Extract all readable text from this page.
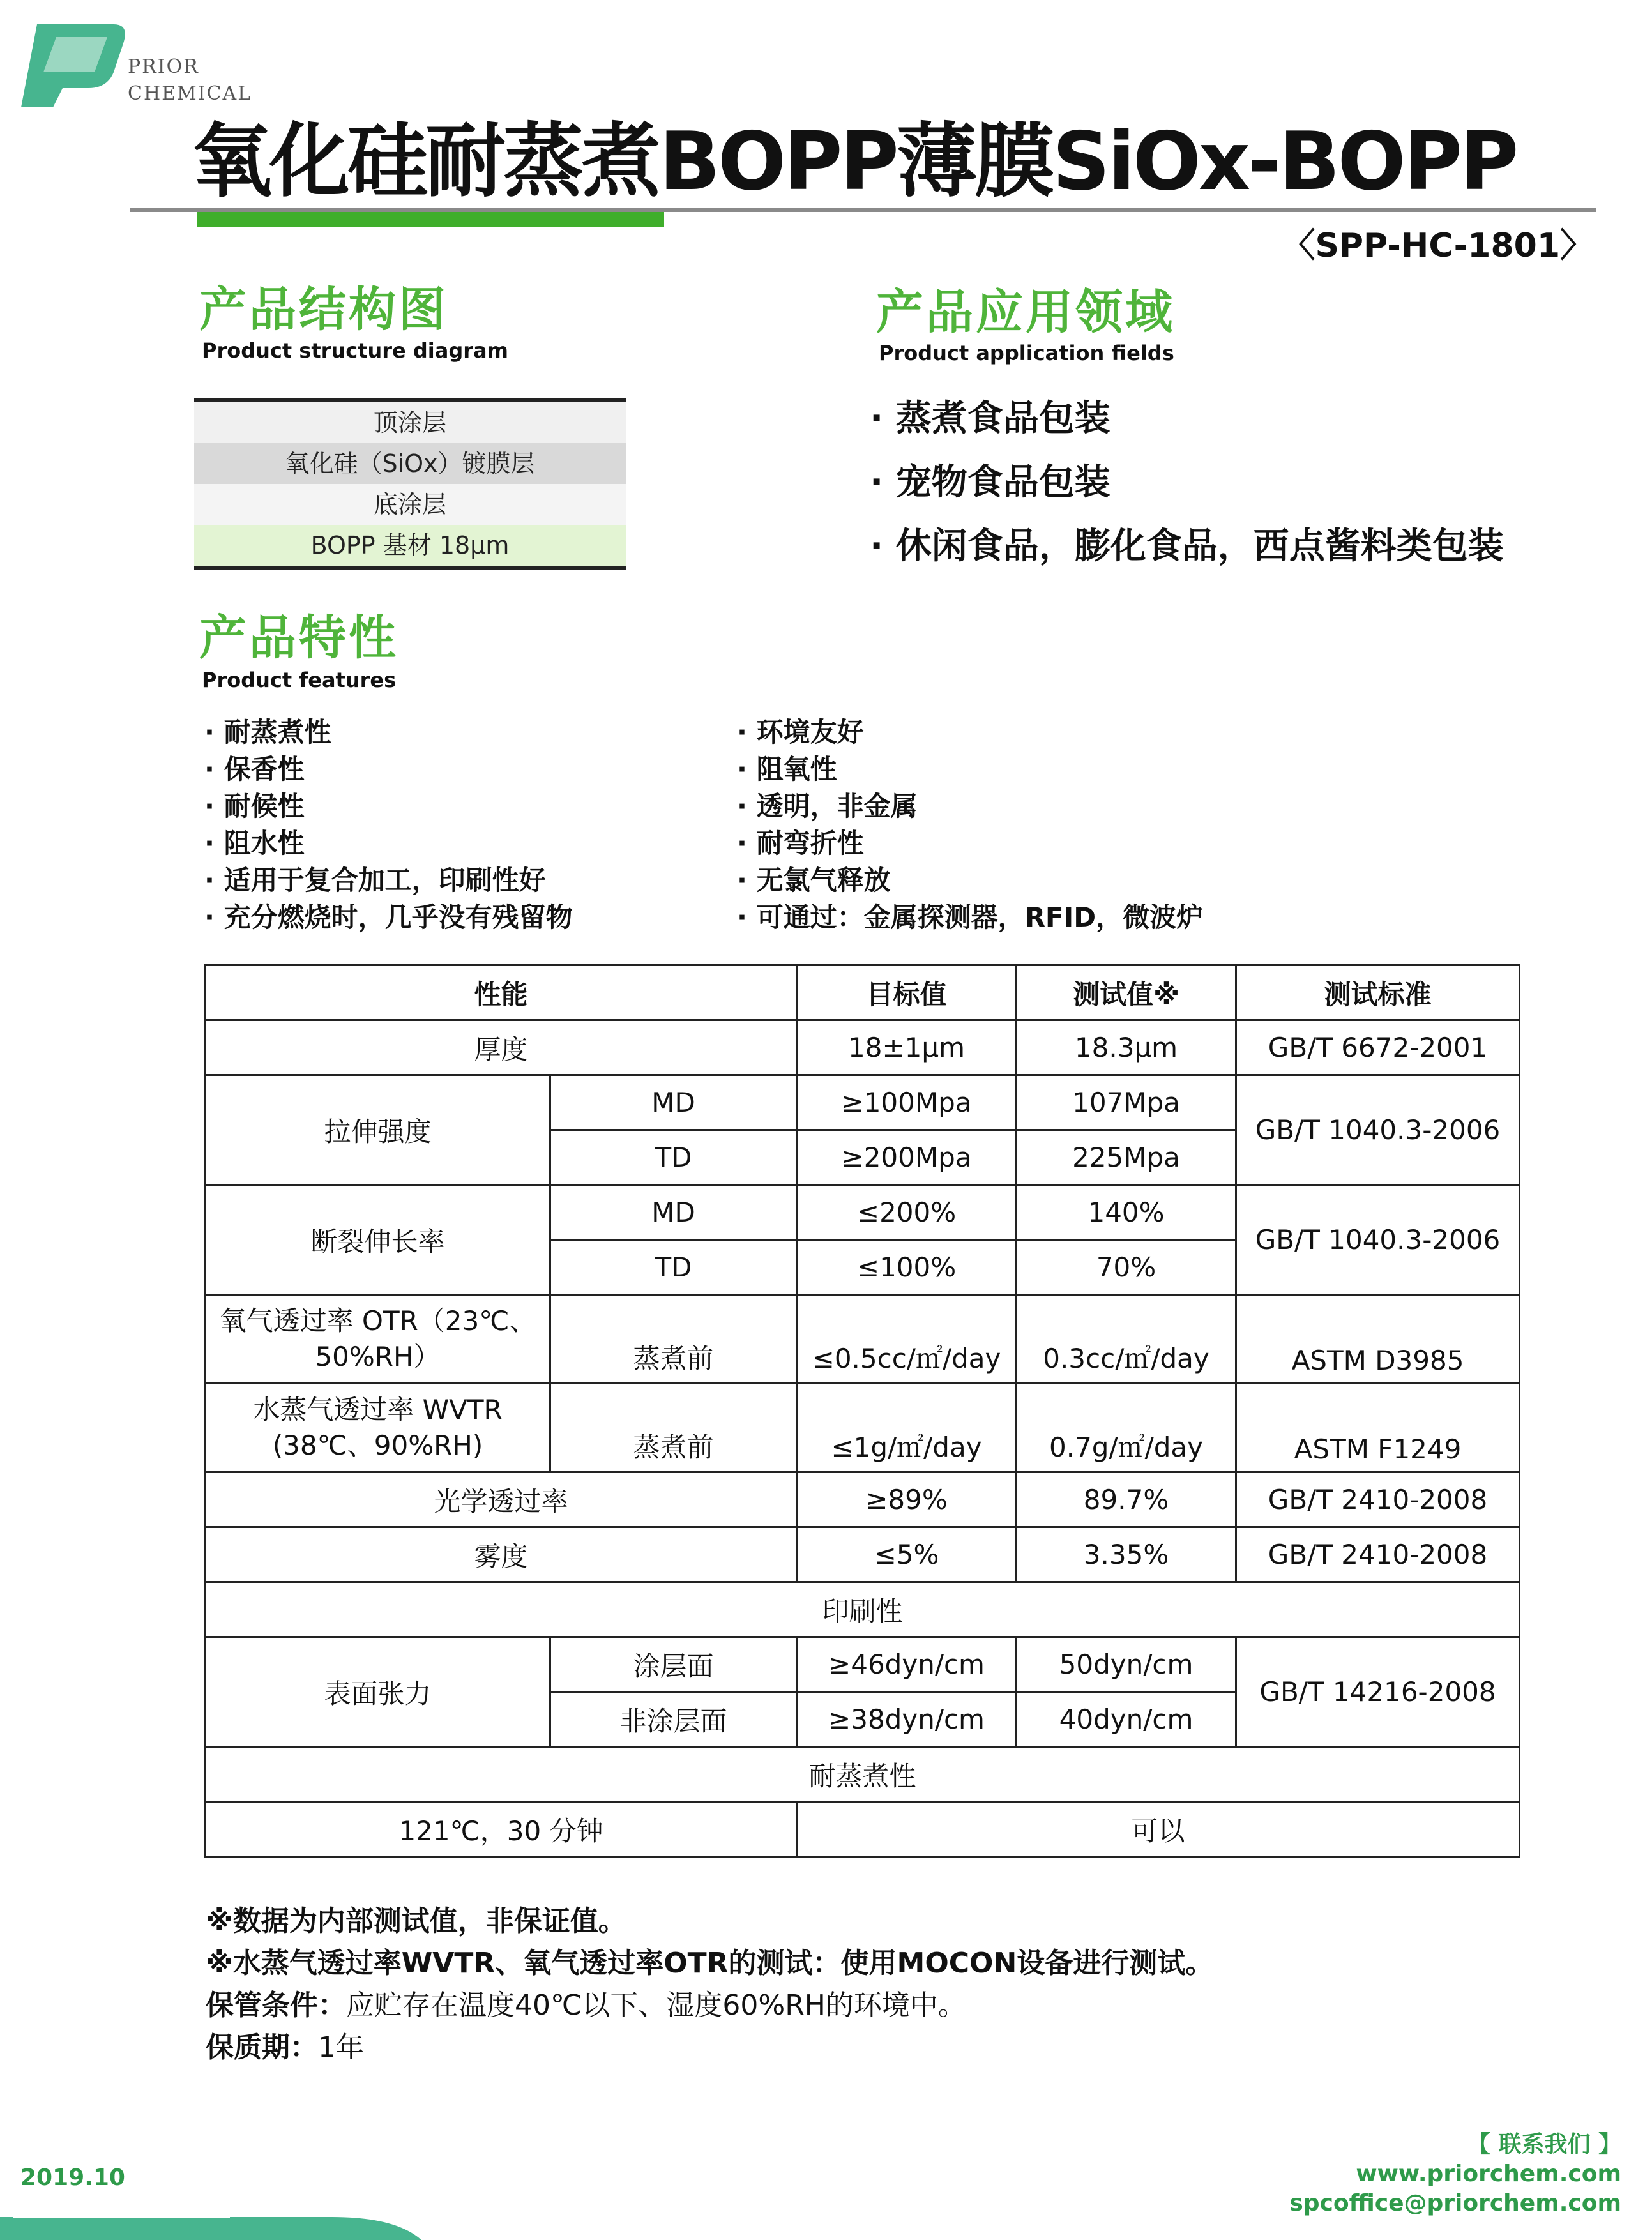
PRIOR
CHEMICAL
氧化硅耐蒸煮BOPP薄膜SiOx-BOPP
〈SPP-HC-1801〉
产品结构图
Product structure diagram
顶涂层
氧化硅（SiOx）镀膜层
底涂层
BOPP 基材 18μm
产品应用领域
Product application fields
· 蒸煮食品包装
· 宠物食品包装
· 休闲食品，膨化食品，西点酱料类包装
产品特性
Product features
· 耐蒸煮性
· 保香性
· 耐候性
· 阻水性
· 适用于复合加工，印刷性好
· 充分燃烧时，几乎没有残留物
· 环境友好
· 阻氧性
· 透明，非金属
· 耐弯折性
· 无氯气释放
· 可通过：金属探测器，RFID，微波炉
性能		目标值	测试值※	测试标准
厚度		18±1μm	18.3μm	GB/T 6672-2001
拉伸强度	MD	≥100Mpa	107Mpa	GB/T 1040.3-2006
	TD	≥200Mpa	225Mpa	
断裂伸长率	MD	≤200%	140%	GB/T 1040.3-2006
	TD	≤100%	70%	

氧气透过率 OTR（23℃、
50%RH）	蒸煮前	≤0.5cc/㎡/day	0.3cc/㎡/day	ASTM D3985

水蒸气透过率 WVTR
(38℃、90%RH)	蒸煮前	≤1g/㎡/day	0.7g/㎡/day	ASTM F1249
光学透过率		≥89%	89.7%	GB/T 2410-2008
雾度		≤5%	3.35%	GB/T 2410-2008
印刷性				
表面张力	涂层面	≥46dyn/cm	50dyn/cm	GB/T 14216-2008
	非涂层面	≥38dyn/cm	40dyn/cm	
耐蒸煮性				
121℃，30 分钟		可以		
※数据为内部测试值，非保证值。
※水蒸气透过率WVTR、氧气透过率OTR的测试：使用MOCON设备进行测试。
保管条件：应贮存在温度40℃以下、湿度60%RH的环境中。
保质期：1年
2019.10
【 联系我们 】
www.priorchem.com
spcoffice@priorchem.com
